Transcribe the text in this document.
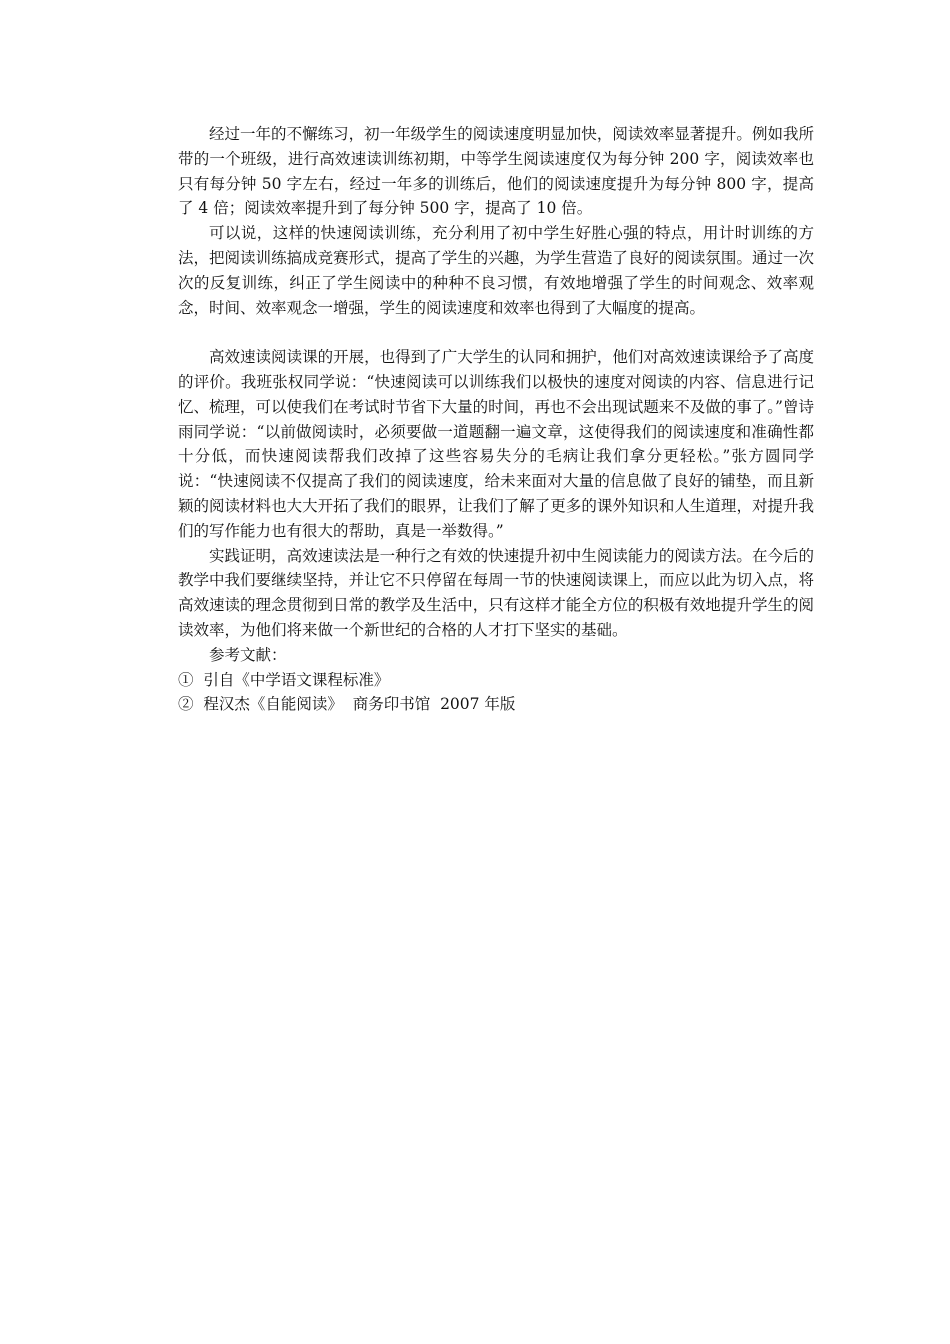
经过一年的不懈练习，初一年级学生的阅读速度明显加快，阅读效率显著提升。例如我所带的一个班级，进行高效速读训练初期，中等学生阅读速度仅为每分钟 200 字，阅读效率也只有每分钟 50 字左右，经过一年多的训练后，他们的阅读速度提升为每分钟 800 字，提高了 4 倍；阅读效率提升到了每分钟 500 字，提高了 10 倍。

可以说，这样的快速阅读训练，充分利用了初中学生好胜心强的特点，用计时训练的方法，把阅读训练搞成竞赛形式，提高了学生的兴趣，为学生营造了良好的阅读氛围。通过一次次的反复训练，纠正了学生阅读中的种种不良习惯，有效地增强了学生的时间观念、效率观念，时间、效率观念一增强，学生的阅读速度和效率也得到了大幅度的提高。

高效速读阅读课的开展，也得到了广大学生的认同和拥护，他们对高效速读课给予了高度的评价。我班张权同学说：“快速阅读可以训练我们以极快的速度对阅读的内容、信息进行记忆、梳理，可以使我们在考试时节省下大量的时间，再也不会出现试题来不及做的事了。”曾诗雨同学说：“以前做阅读时，必须要做一道题翻一遍文章，这使得我们的阅读速度和准确性都十分低，而快速阅读帮我们改掉了这些容易失分的毛病让我们拿分更轻松。”张方圆同学说：“快速阅读不仅提高了我们的阅读速度，给未来面对大量的信息做了良好的铺垫，而且新颖的阅读材料也大大开拓了我们的眼界，让我们了解了更多的课外知识和人生道理，对提升我们的写作能力也有很大的帮助，真是一举数得。”

实践证明，高效速读法是一种行之有效的快速提升初中生阅读能力的阅读方法。在今后的教学中我们要继续坚持，并让它不只停留在每周一节的快速阅读课上，而应以此为切入点，将高效速读的理念贯彻到日常的教学及生活中，只有这样才能全方位的积极有效地提升学生的阅读效率，为他们将来做一个新世纪的合格的人才打下坚实的基础。

参考文献：

①  引自《中学语文课程标准》

②  程汉杰《自能阅读》  商务印书馆  2007 年版
